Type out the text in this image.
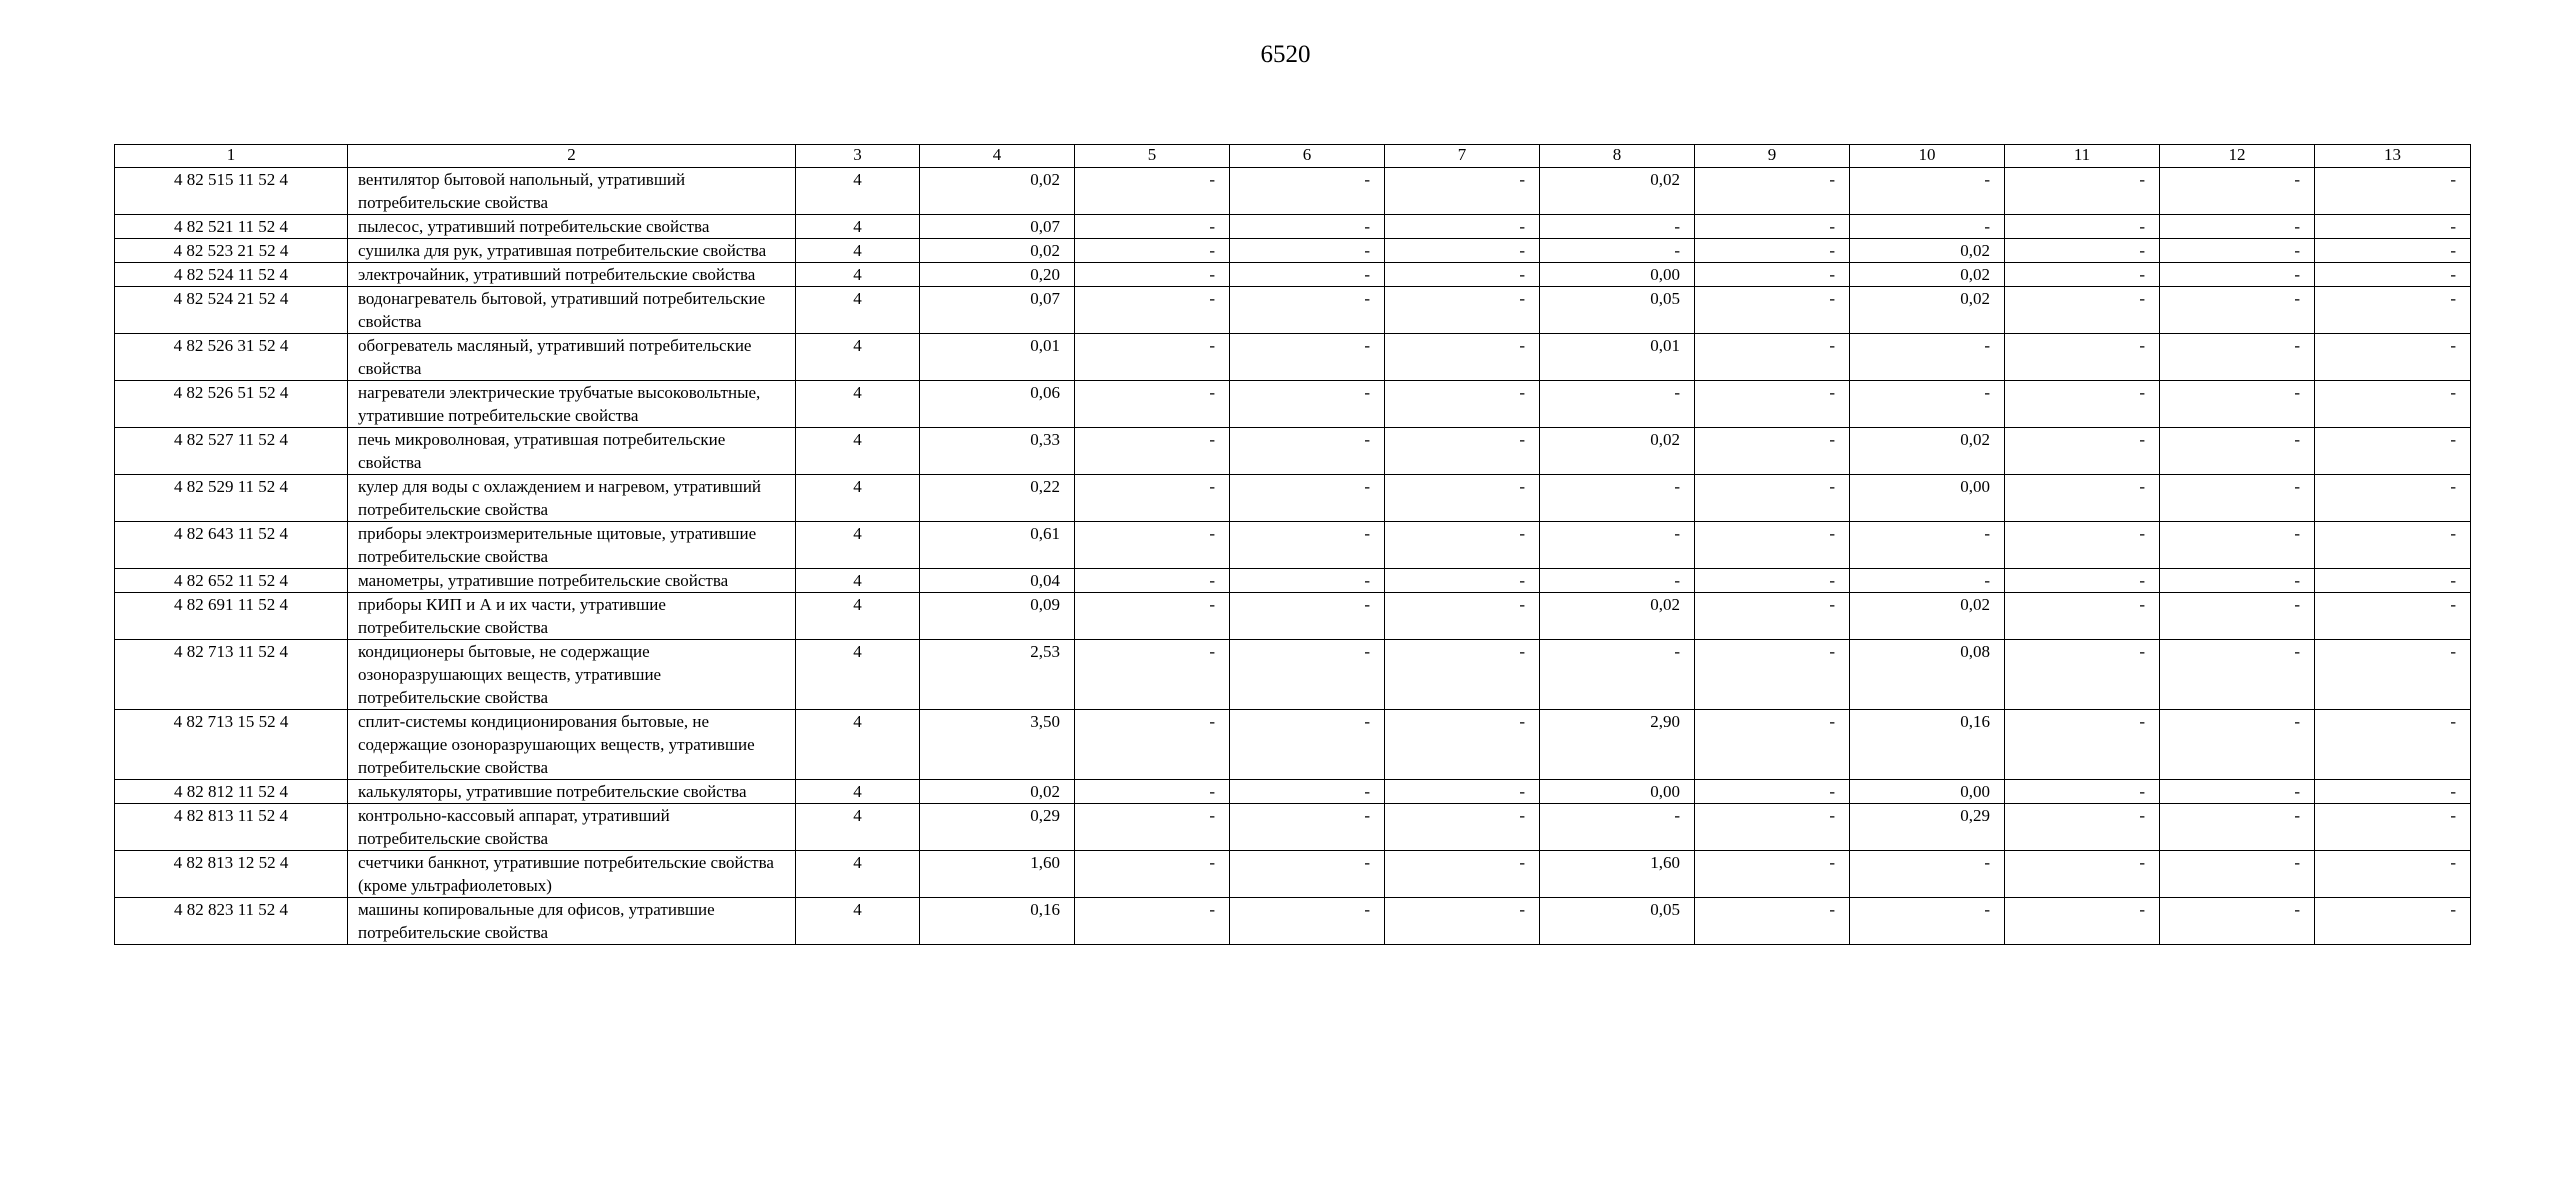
6520
1	2	3	4	5	6	7	8	9	10	11	12	13
4 82 515 11 52 4	вентилятор бытовой напольный, утративший потребительские свойства	4	0,02	-	-	-	0,02	-	-	-	-	-
4 82 521 11 52 4	пылесос, утративший потребительские свойства	4	0,07	-	-	-	-	-	-	-	-	-
4 82 523 21 52 4	сушилка для рук, утратившая потребительские свойства	4	0,02	-	-	-	-	-	0,02	-	-	-
4 82 524 11 52 4	электрочайник, утративший потребительские свойства	4	0,20	-	-	-	0,00	-	0,02	-	-	-
4 82 524 21 52 4	водонагреватель бытовой, утративший потребительские свойства	4	0,07	-	-	-	0,05	-	0,02	-	-	-
4 82 526 31 52 4	обогреватель масляный, утративший потребительские свойства	4	0,01	-	-	-	0,01	-	-	-	-	-
4 82 526 51 52 4	нагреватели электрические трубчатые высоковольтные, утратившие потребительские свойства	4	0,06	-	-	-	-	-	-	-	-	-
4 82 527 11 52 4	печь микроволновая, утратившая потребительские свойства	4	0,33	-	-	-	0,02	-	0,02	-	-	-
4 82 529 11 52 4	кулер для воды с охлаждением и нагревом, утративший потребительские свойства	4	0,22	-	-	-	-	-	0,00	-	-	-
4 82 643 11 52 4	приборы электроизмерительные щитовые, утратившие потребительские свойства	4	0,61	-	-	-	-	-	-	-	-	-
4 82 652 11 52 4	манометры, утратившие потребительские свойства	4	0,04	-	-	-	-	-	-	-	-	-
4 82 691 11 52 4	приборы КИП и А и их части, утратившие потребительские свойства	4	0,09	-	-	-	0,02	-	0,02	-	-	-
4 82 713 11 52 4	кондиционеры бытовые, не содержащие озоноразрушающих веществ, утратившие потребительские свойства	4	2,53	-	-	-	-	-	0,08	-	-	-
4 82 713 15 52 4	сплит-системы кондиционирования бытовые, не содержащие озоноразрушающих веществ, утратившие потребительские свойства	4	3,50	-	-	-	2,90	-	0,16	-	-	-
4 82 812 11 52 4	калькуляторы, утратившие потребительские свойства	4	0,02	-	-	-	0,00	-	0,00	-	-	-
4 82 813 11 52 4	контрольно-кассовый аппарат, утративший потребительские свойства	4	0,29	-	-	-	-	-	0,29	-	-	-
4 82 813 12 52 4	счетчики банкнот, утратившие потребительские свойства (кроме ультрафиолетовых)	4	1,60	-	-	-	1,60	-	-	-	-	-
4 82 823 11 52 4	машины копировальные для офисов, утратившие потребительские свойства	4	0,16	-	-	-	0,05	-	-	-	-	-
